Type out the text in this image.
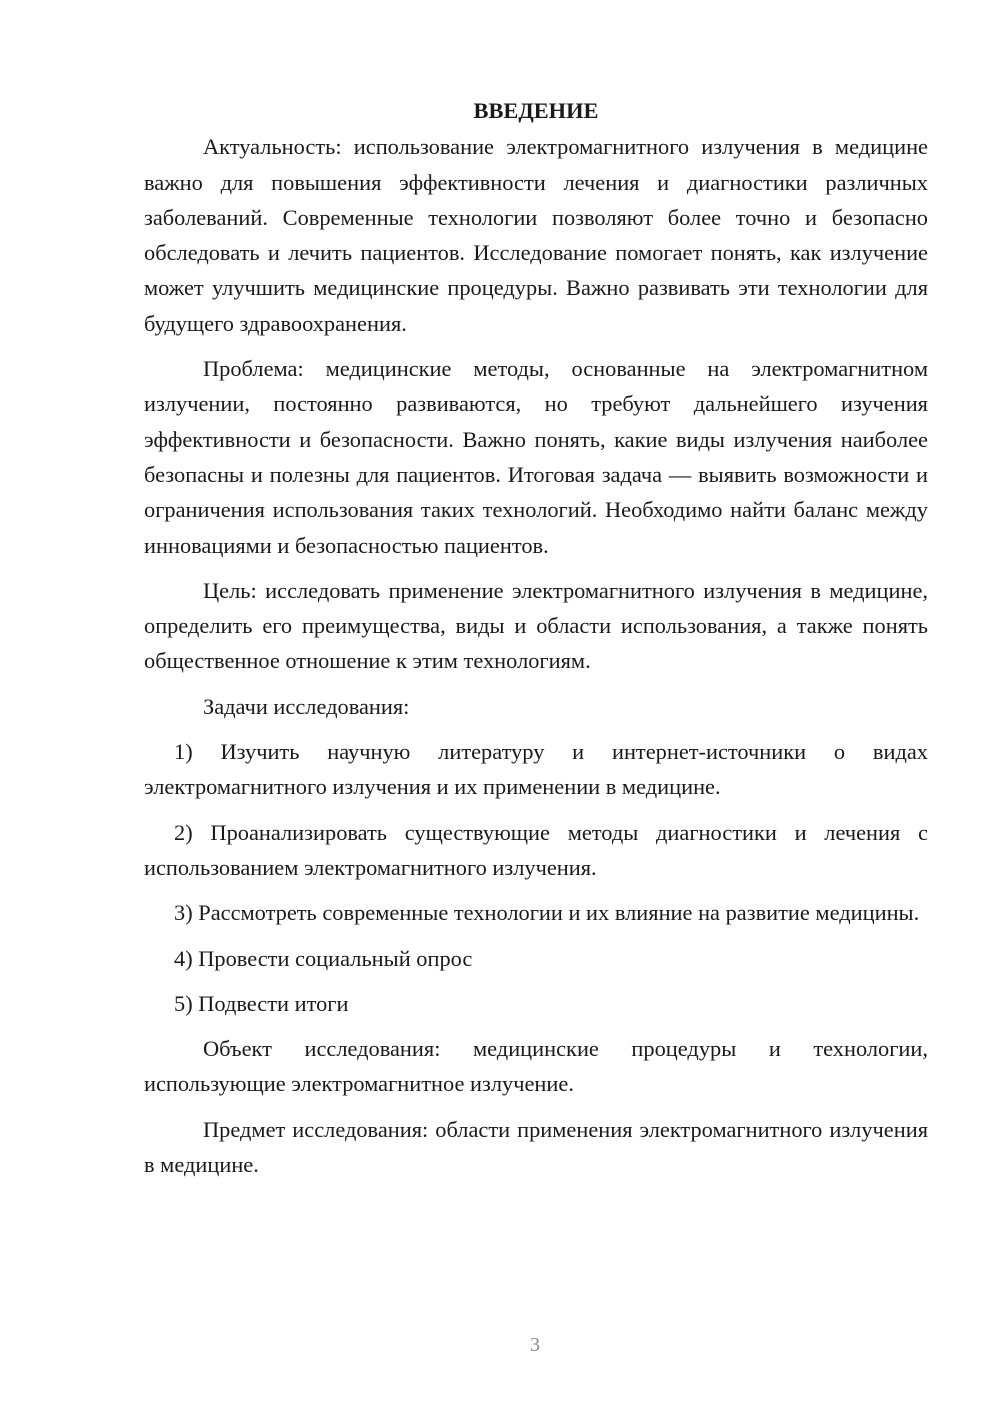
ВВЕДЕНИЕ

Актуальность: использование электромагнитного излучения в медицине важно для повышения эффективности лечения и диагностики различных заболеваний. Современные технологии позволяют более точно и безопасно обследовать и лечить пациентов. Исследование помогает понять, как излучение может улучшить медицинские процедуры. Важно развивать эти технологии для будущего здравоохранения.

Проблема: медицинские методы, основанные на электромагнитном излучении, постоянно развиваются, но требуют дальнейшего изучения эффективности и безопасности. Важно понять, какие виды излучения наиболее безопасны и полезны для пациентов. Итоговая задача — выявить возможности и ограничения использования таких технологий. Необходимо найти баланс между инновациями и безопасностью пациентов.

Цель: исследовать применение электромагнитного излучения в медицине, определить его преимущества, виды и области использования, а также понять общественное отношение к этим технологиям.

Задачи исследования:

1) Изучить научную литературу и интернет-источники о видах электромагнитного излучения и их применении в медицине.

2) Проанализировать существующие методы диагностики и лечения с использованием электромагнитного излучения.

3) Рассмотреть современные технологии и их влияние на развитие медицины.

4) Провести социальный опрос

5) Подвести итоги

Объект исследования: медицинские процедуры и технологии, использующие электромагнитное излучение.

Предмет исследования: области применения электромагнитного излучения в медицине.

3
